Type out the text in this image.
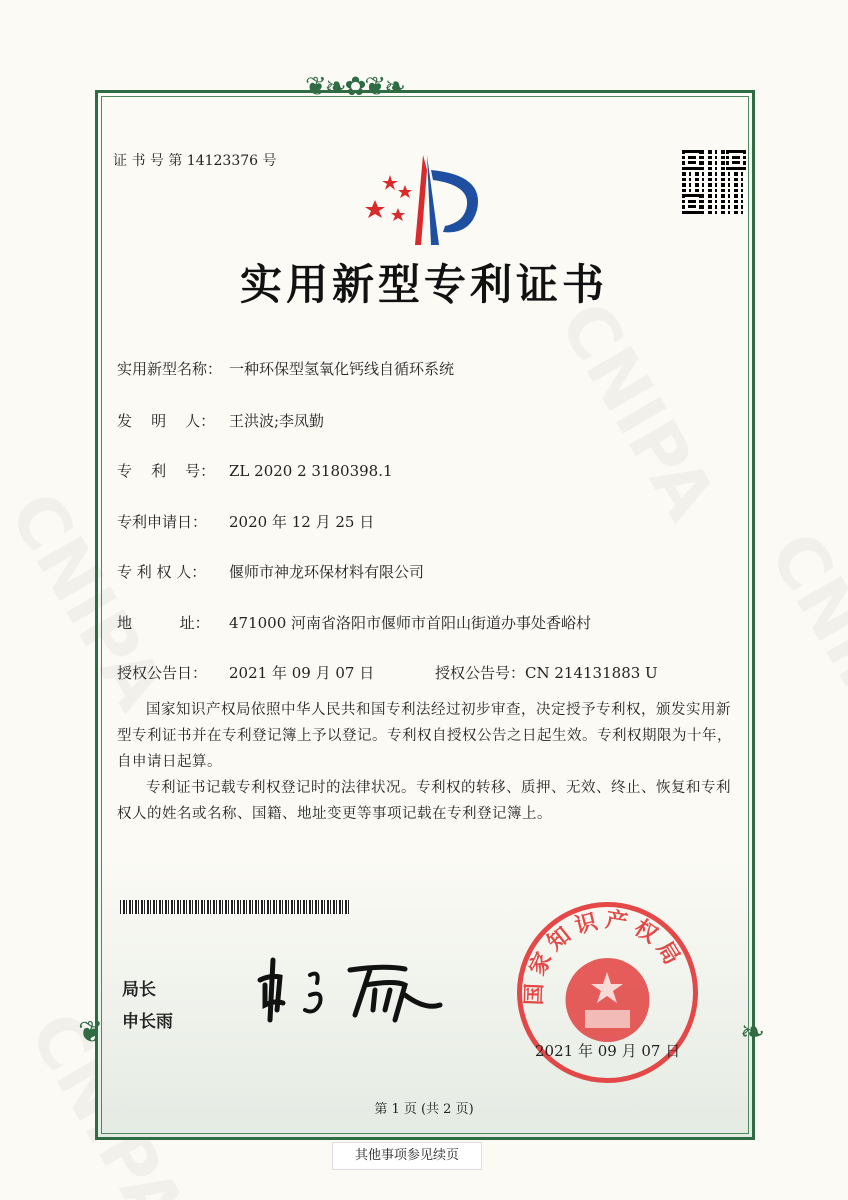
❦❧✿❦❧
❦	❧
证 书 号 第 14123376 号
实用新型专利证书
实用新型名称： 一种环保型氢氧化钙线自循环系统
发    明    人： 王洪波;李凤勤
专    利    号： ZL 2020 2 3180398.1
专利申请日： 2020 年 12 月 25 日
专 利 权 人： 偃师市神龙环保材料有限公司
地          址： 471000 河南省洛阳市偃师市首阳山街道办事处香峪村
授权公告日： 2021 年 09 月 07 日	授权公告号：CN 214131883 U

国家知识产权局依照中华人民共和国专利法经过初步审查，决定授予专利权，颁发实用新型专利证书并在专利登记簿上予以登记。专利权自授权公告之日起生效。专利权期限为十年，自申请日起算。

专利证书记载专利权登记时的法律状况。专利权的转移、质押、无效、终止、恢复和专利权人的姓名或名称、国籍、地址变更等事项记载在专利登记簿上。

局长
申长雨
国家知识产权局
2021 年 09 月 07 日
第 1 页 (共 2 页)
其他事项参见续页
